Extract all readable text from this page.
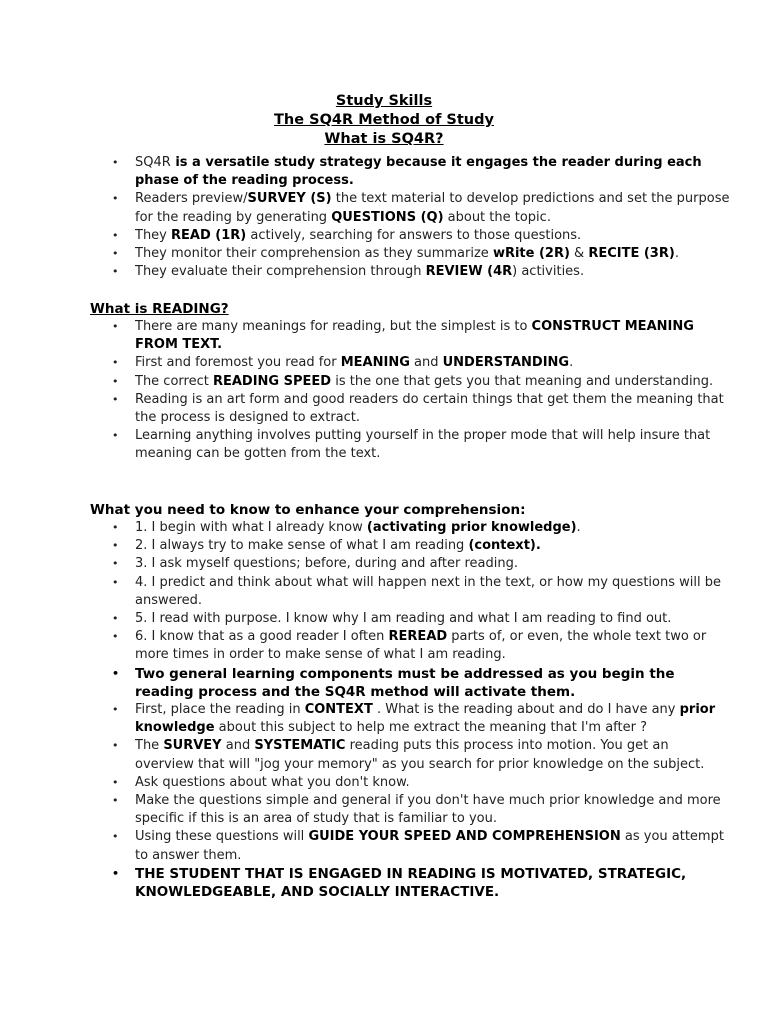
Study Skills
The SQ4R Method of Study
What is SQ4R?
•
SQ4R is a versatile study strategy because it engages the reader during each phase of the reading process.
•
Readers preview/SURVEY (S) the text material to develop predictions and set the purpose for the reading by generating QUESTIONS (Q) about the topic.
•
They READ (1R) actively, searching for answers to those questions.
•
They monitor their comprehension as they summarize wRite (2R) & RECITE (3R).
•
They evaluate their comprehension through REVIEW (4R) activities.
What is READING?
•
There are many meanings for reading, but the simplest is to CONSTRUCT MEANING FROM TEXT.
•
First and foremost you read for MEANING and UNDERSTANDING.
•
The correct READING SPEED is the one that gets you that meaning and understanding.
•
Reading is an art form and good readers do certain things that get them the meaning that the process is designed to extract.
•
Learning anything involves putting yourself in the proper mode that will help insure that meaning can be gotten from the text.
What you need to know to enhance your comprehension:
•
1. I begin with what I already know (activating prior knowledge).
•
2. I always try to make sense of what I am reading (context).
•
3. I ask myself questions; before, during and after reading.
•
4. I predict and think about what will happen next in the text, or how my questions will be answered.
•
5. I read with purpose. I know why I am reading and what I am reading to find out.
•
6. I know that as a good reader I often REREAD parts of, or even, the whole text two or more times in order to make sense of what I am reading.
•
Two general learning components must be addressed as you begin the reading process and the SQ4R method will activate them.
•
First, place the reading in CONTEXT . What is the reading about and do I have any prior knowledge about this subject to help me extract the meaning that I'm after ?
•
The SURVEY and SYSTEMATIC reading puts this process into motion. You get an overview that will "jog your memory" as you search for prior knowledge on the subject.
•
Ask questions about what you don't know.
•
Make the questions simple and general if you don't have much prior knowledge and more specific if this is an area of study that is familiar to you.
•
Using these questions will GUIDE YOUR SPEED AND COMPREHENSION as you attempt to answer them.
•
THE STUDENT THAT IS ENGAGED IN READING IS MOTIVATED, STRATEGIC, KNOWLEDGEABLE, AND SOCIALLY INTERACTIVE.
